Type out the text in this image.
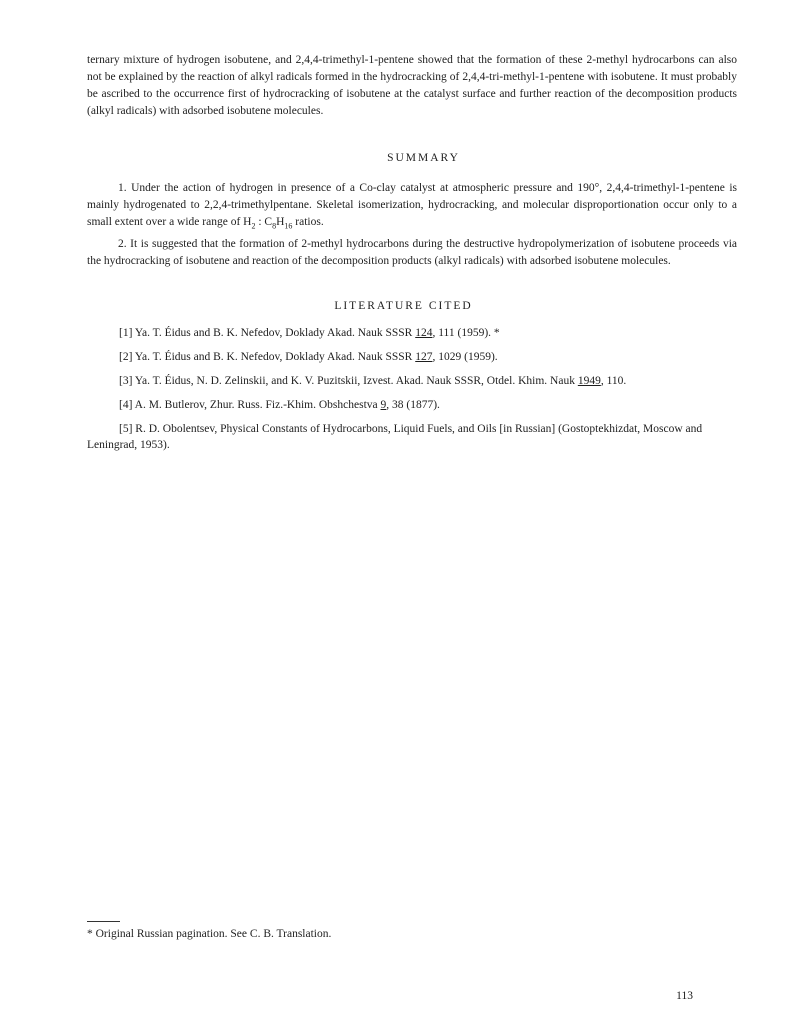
ternary mixture of hydrogen isobutene, and 2,4,4-trimethyl-1-pentene showed that the formation of these 2-methyl hydrocarbons can also not be explained by the reaction of alkyl radicals formed in the hydrocracking of 2,4,4-tri-methyl-1-pentene with isobutene. It must probably be ascribed to the occurrence first of hydrocracking of isobutene at the catalyst surface and further reaction of the decomposition products (alkyl radicals) with adsorbed isobutene molecules.

SUMMARY

1. Under the action of hydrogen in presence of a Co-clay catalyst at atmospheric pressure and 190°, 2,4,4-trimethyl-1-pentene is mainly hydrogenated to 2,2,4-trimethylpentane. Skeletal isomerization, hydrocracking, and molecular disproportionation occur only to a small extent over a wide range of $H_2$ : $C_8H_{16}$ ratios.

2. It is suggested that the formation of 2-methyl hydrocarbons during the destructive hydropolymerization of isobutene proceeds via the hydrocracking of isobutene and reaction of the decomposition products (alkyl radicals) with adsorbed isobutene molecules.

LITERATURE CITED

[1] Ya. T. Éidus and B. K. Nefedov, Doklady Akad. Nauk SSSR 124, 111 (1959). *
[2] Ya. T. Éidus and B. K. Nefedov, Doklady Akad. Nauk SSSR 127, 1029 (1959).
[3] Ya. T. Éidus, N. D. Zelinskii, and K. V. Puzitskii, Izvest. Akad. Nauk SSSR, Otdel. Khim. Nauk 1949, 110.
[4] A. M. Butlerov, Zhur. Russ. Fiz.-Khim. Obshchestva 9, 38 (1877).
[5] R. D. Obolentsev, Physical Constants of Hydrocarbons, Liquid Fuels, and Oils [in Russian] (Gostoptekhizdat, Moscow and Leningrad, 1953).

* Original Russian pagination. See C. B. Translation.

113
